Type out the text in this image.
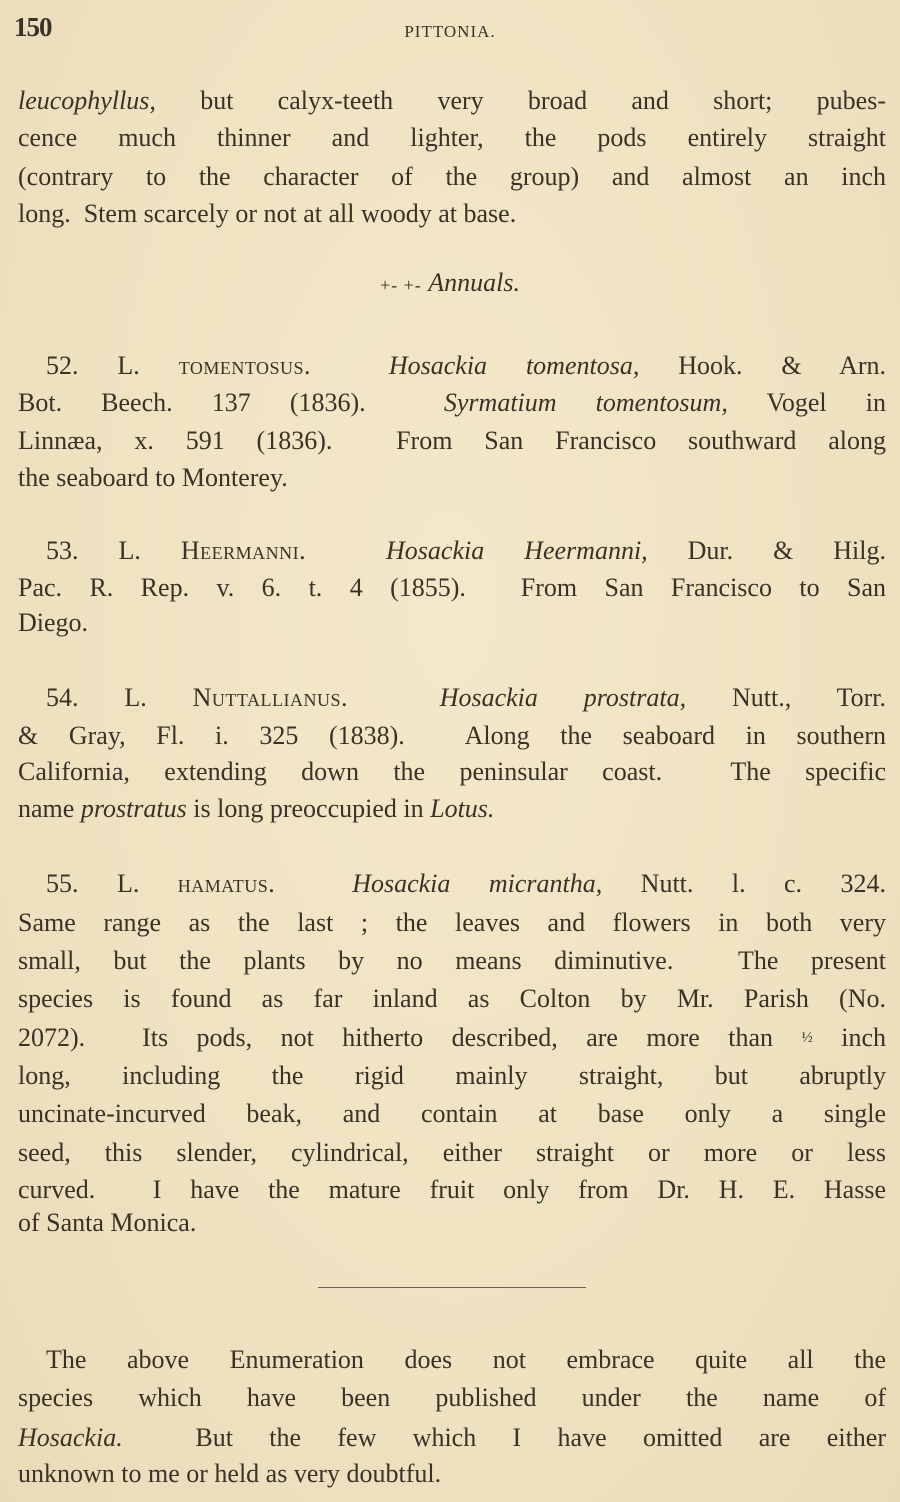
150	PITTONIA.
leucophyllus, but calyx-teeth very broad and short; pubes-
cence much thinner and lighter, the pods entirely straight
(contrary to the character of the group) and almost an inch
long.  Stem scarcely or not at all woody at base.
+- +- Annuals.
52. L. tomentosus.	Hosackia tomentosa, Hook. & Arn.
Bot. Beech. 137 (1836).  Syrmatium tomentosum, Vogel in
Linnæa, x. 591 (1836).  From San Francisco southward along
the seaboard to Monterey.
53. L. Heermanni.	Hosackia Heermanni, Dur. & Hilg.
Pac. R. Rep. v. 6. t. 4 (1855).  From San Francisco to San
Diego.
54. L. Nuttallianus.	Hosackia prostrata, Nutt., Torr.
& Gray, Fl. i. 325 (1838).  Along the seaboard in southern
California, extending down the peninsular coast.  The specific
name prostratus is long preoccupied in Lotus.
55. L. hamatus.	Hosackia micrantha, Nutt. l. c. 324.
Same range as the last ; the leaves and flowers in both very
small, but the plants by no means diminutive.  The present
species is found as far inland as Colton by Mr. Parish (No.
2072).  Its pods, not hitherto described, are more than ½ inch
long, including the rigid mainly straight, but abruptly
uncinate-incurved beak, and contain at base only a single
seed, this slender, cylindrical, either straight or more or less
curved.  I have the mature fruit only from Dr. H. E. Hasse
of Santa Monica.
The above Enumeration does not embrace quite all the
species which have been published under the name of
Hosackia.  But the few which I have omitted are either
unknown to me or held as very doubtful.
